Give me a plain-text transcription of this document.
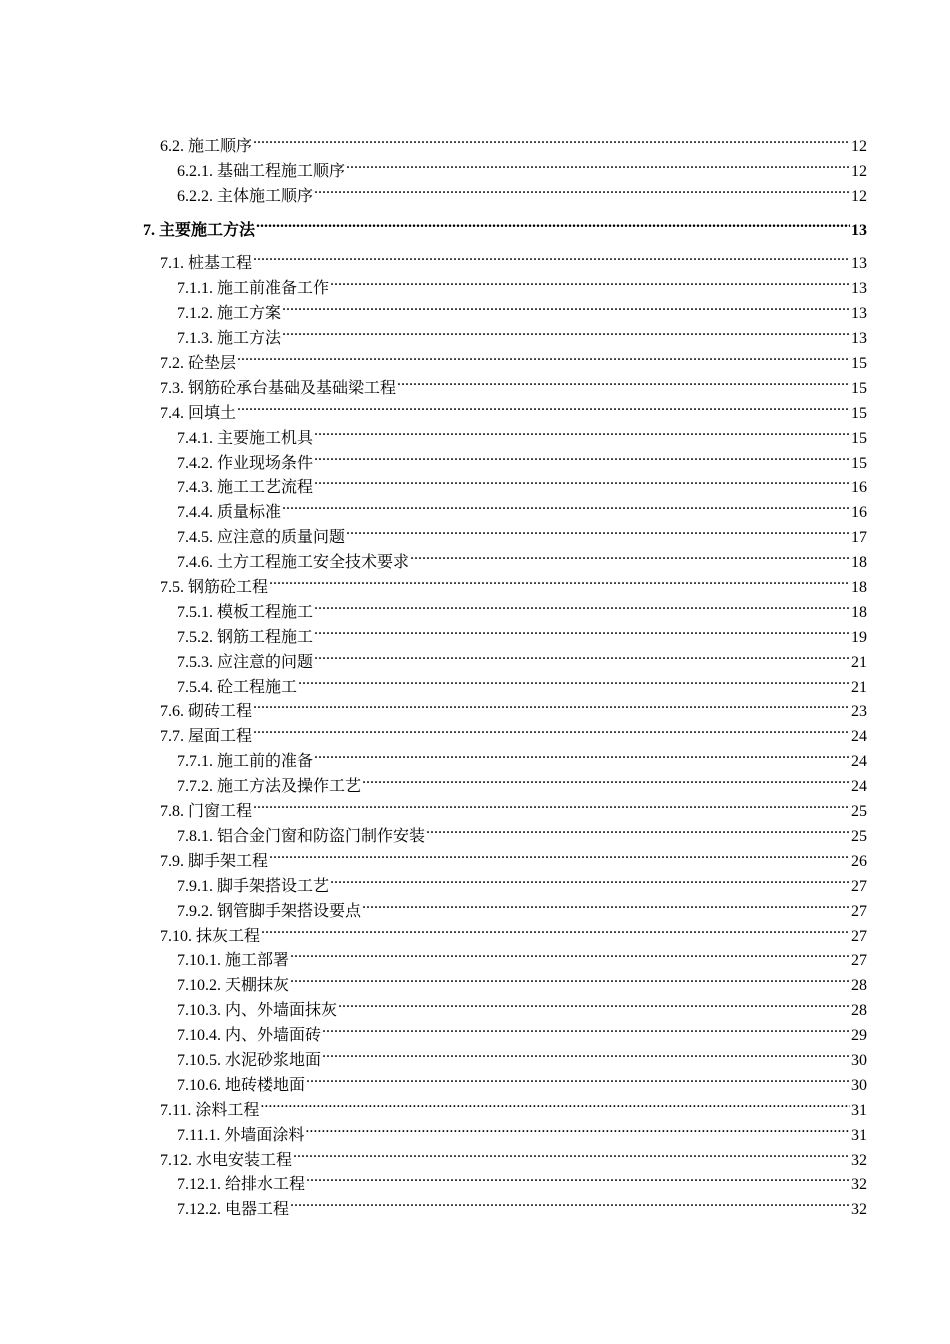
6.2. 施工顺序 .....	12
6.2.1. 基础工程施工顺序 .....	12
6.2.2. 主体施工顺序 .....	12
7. 主要施工方法 .....	13
7.1. 桩基工程 .....	13
7.1.1. 施工前准备工作 .....	13
7.1.2. 施工方案 .....	13
7.1.3. 施工方法 .....	13
7.2. 砼垫层 .....	15
7.3. 钢筋砼承台基础及基础梁工程 .....	15
7.4. 回填土 .....	15
7.4.1. 主要施工机具 .....	15
7.4.2. 作业现场条件 .....	15
7.4.3. 施工工艺流程 .....	16
7.4.4. 质量标准 .....	16
7.4.5. 应注意的质量问题 .....	17
7.4.6. 土方工程施工安全技术要求 .....	18
7.5. 钢筋砼工程 .....	18
7.5.1. 模板工程施工 .....	18
7.5.2. 钢筋工程施工 .....	19
7.5.3. 应注意的问题 .....	21
7.5.4. 砼工程施工 .....	21
7.6. 砌砖工程 .....	23
7.7. 屋面工程 .....	24
7.7.1. 施工前的准备 .....	24
7.7.2. 施工方法及操作工艺 .....	24
7.8. 门窗工程 .....	25
7.8.1. 铝合金门窗和防盗门制作安装 .....	25
7.9. 脚手架工程 .....	26
7.9.1. 脚手架搭设工艺 .....	27
7.9.2. 钢管脚手架搭设要点 .....	27
7.10. 抹灰工程 .....	27
7.10.1. 施工部署 .....	27
7.10.2. 天棚抹灰 .....	28
7.10.3. 内、外墙面抹灰 .....	28
7.10.4. 内、外墙面砖 .....	29
7.10.5. 水泥砂浆地面 .....	30
7.10.6. 地砖楼地面 .....	30
7.11. 涂料工程 .....	31
7.11.1. 外墙面涂料 .....	31
7.12. 水电安装工程 .....	32
7.12.1. 给排水工程 .....	32
7.12.2. 电器工程 .....	32
